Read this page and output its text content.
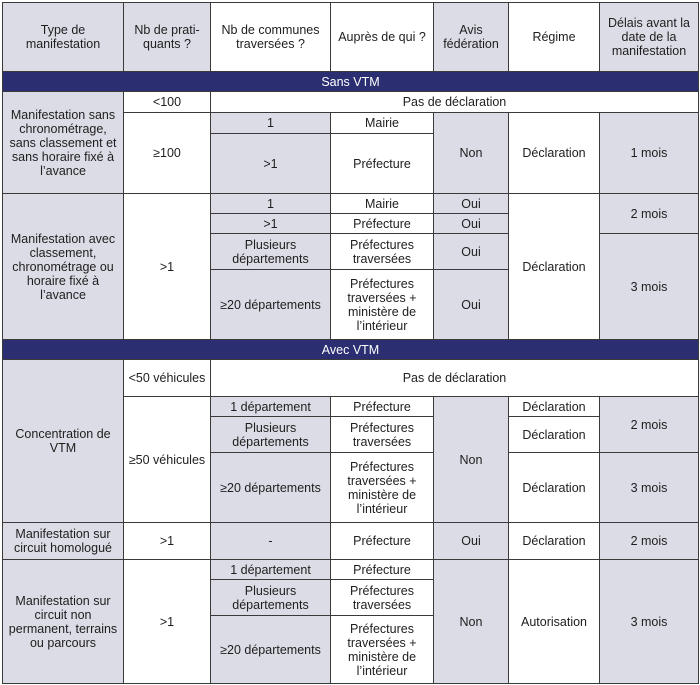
Type de manifestation	Nb de prati-quants ?	Nb de communes traversées ?	Auprès de qui ?	Avis fédération	Régime	Délais avant la date de la manifestation
Sans VTM						
Manifestation sans chronométrage, sans classement et sans horaire fixé à l’avance	<100	Pas de déclaration				
	≥100	1	Mairie	Non	Déclaration	1 mois
		>1	Préfecture			
Manifestation avec classement, chronométrage ou horaire fixé à l’avance	>1	1	Mairie	Oui	Déclaration	2 mois
		>1	Préfecture	Oui		
		Plusieurs départements	Préfectures traversées	Oui		3 mois
		≥20 départements	Préfectures traversées + ministère de l’intérieur	Oui		
Avec VTM						
Concentration de VTM	<50 véhicules	Pas de déclaration				
	≥50 véhicules	1 département	Préfecture	Non	Déclaration	2 mois
		Plusieurs départements	Préfectures traversées		Déclaration	
		≥20 départements	Préfectures traversées + ministère de l’intérieur		Déclaration	3 mois
Manifestation sur circuit homologué	>1	-	Préfecture	Oui	Déclaration	2 mois
Manifestation sur circuit non permanent, terrains ou parcours	>1	1 département	Préfecture	Non	Autorisation	3 mois
		Plusieurs départements	Préfectures traversées			
		≥20 départements	Préfectures traversées + ministère de l’intérieur			
